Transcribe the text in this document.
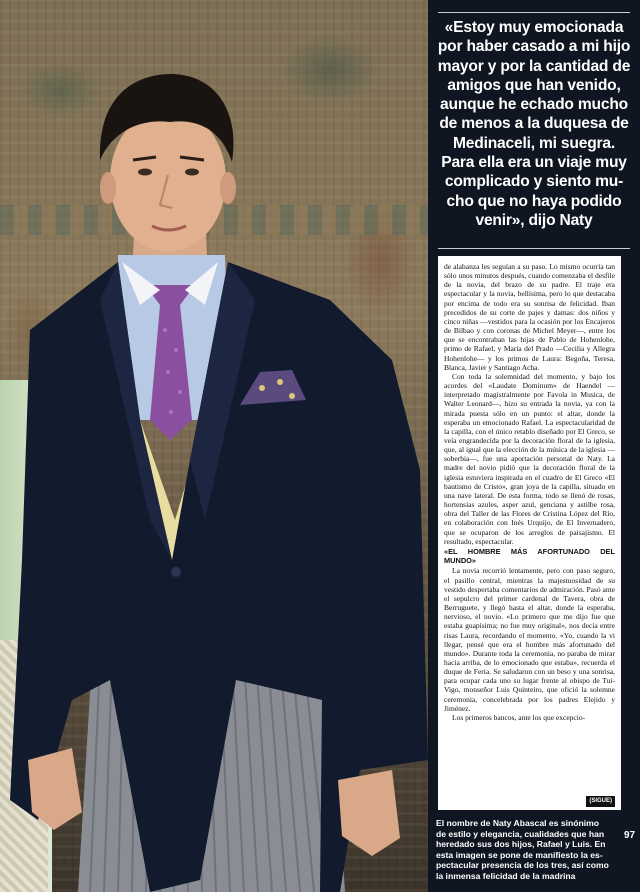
«Estoy muy emocionada
por haber casado a mi hijo
mayor y por la cantidad de
amigos que han venido,
aunque he echado mucho
de menos a la duquesa de
Medinaceli, mi suegra.
Para ella era un viaje muy
complicado y siento mu-
cho que no haya podido
venir», dijo Naty

de alabanza les seguían a su paso. Lo mismo ocurría tan sólo unos minutos después, cuando comenzaba el desfile de la novia, del brazo de su padre. El traje era espectacular y la novia, bellísima, pero lo que destacaba por encima de todo era su sonrisa de felicidad. Iban precedidos de su corte de pajes y damas: dos niños y cinco niñas —vestidos para la ocasión por los Encajeros de Bilbao y con coronas de Michel Meyer—, entre los que se encontraban las hijas de Pablo de Hohenlohe, primo de Rafael, y María del Prado —Cecilia y Allegra Hohenlohe— y los primos de Laura: Begoña, Teresa, Blanca, Javier y Santiago Acha.

Con toda la solemnidad del momento, y bajo los acordes del «Laudate Dominum» de Haendel —interpretado magistralmente por Favola in Musica, de Walter Leonard—, hizo su entrada la novia, ya con la mirada puesta sólo en un punto: el altar, donde la esperaba un emocionado Rafael. La espectacularidad de la capilla, con el único retablo diseñado por El Greco, se veía engrandecida por la decoración floral de la iglesia, que, al igual que la elección de la música de la iglesia —soberbia—, fue una aportación personal de Naty. La madre del novio pidió que la decoración floral de la iglesia estuviera inspirada en el cuadro de El Greco «El bautismo de Cristo», gran joya de la capilla, situado en una nave lateral. De esta forma, todo se llenó de rosas, hortensias azules, asper azul, genciana y astilbe rosa, obra del Taller de las Flores de Cristina López del Río, en colaboración con Inés Urquijo, de El Invernadero, que se ocuparon de los arreglos de paisajismo. El resultado, espectacular.

«EL HOMBRE MÁS AFORTUNADO DEL MUNDO»

La novia recorrió lentamente, pero con paso seguro, el pasillo central, mientras la majestuosidad de su vestido despertaba comentarios de admiración. Pasó ante el sepulcro del primer cardenal de Tavera, obra de Berruguete, y llegó hasta el altar, donde la esperaba, nervioso, el novio. «Lo primero que me dijo fue que estaba guapísima; no fue muy original», nos decía entre risas Laura, recordando el momento. «Yo, cuando la vi llegar, pensé que era el hombre más afortunado del mundo». Durante toda la ceremonia, no paraba de mirar hacia arriba, de lo emocionado que estaba», recuerda el duque de Feria. Se saludaron con un beso y una sonrisa, para ocupar cada uno su lugar frente al obispo de Tui-Vigo, monseñor Luis Quinteiro, que ofició la solemne ceremonia, concelebrada por los padres Elejido y Jiménez.

Los primeros bancos, ante los que excepcio-

(SIGUE)

El nombre de Naty Abascal es sinónimo
de estilo y elegancia, cualidades que han
heredado sus dos hijos, Rafael y Luis. En
esta imagen se pone de manifiesto la es-
pectacular presencia de los tres, así como
la inmensa felicidad de la madrina

97
